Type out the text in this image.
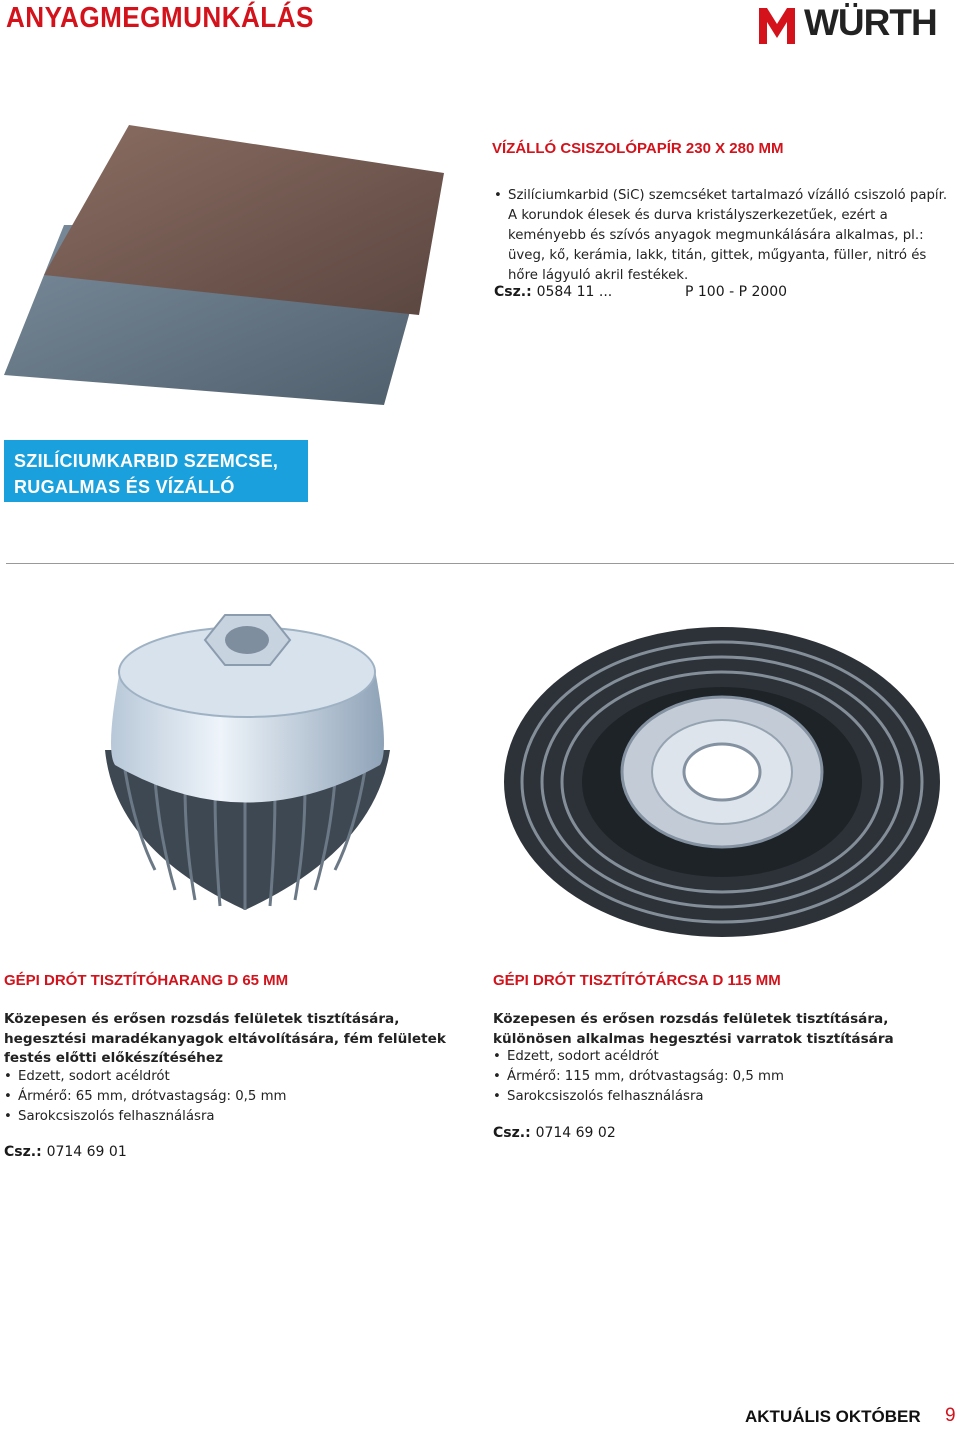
ANYAGMEGMUNKÁLÁS	WÜRTH
VÍZÁLLÓ CSISZOLÓPAPÍR 230 X 280 MM
• Szilíciumkarbid (SiC) szemcséket tartalmazó vízálló csiszoló papír. A korundok élesek és durva kristályszerkezetűek, ezért a keményebb és szívós anyagok megmunkálására alkalmas, pl.: üveg, kő, kerámia, lakk, titán, gittek, műgyanta, füller, nitró és hőre lágyuló akril festékek.
Csz.: 0584 11 ...	P 100 - P 2000
SZILÍCIUMKARBID SZEMCSE,
RUGALMAS ÉS VÍZÁLLÓ HORDOZÓN!
GÉPI DRÓT TISZTÍTÓHARANG D 65 MM
Közepesen és erősen rozsdás felületek tisztítására, hegesztési maradékanyagok eltávolítására, fém felületek festés előtti előkészítéséhez
• Edzett, sodort acéldrót
• Ármérő: 65 mm, drótvastagság: 0,5 mm
• Sarokcsiszolós felhasználásra
Csz.: 0714 69 01
GÉPI DRÓT TISZTÍTÓTÁRCSA D 115 MM
Közepesen és erősen rozsdás felületek tisztítására, különösen alkalmas hegesztési varratok tisztítására
• Edzett, sodort acéldrót
• Ármérő: 115 mm, drótvastagság: 0,5 mm
• Sarokcsiszolós felhasználásra
Csz.: 0714 69 02
AKTUÁLIS OKTÓBER 9
